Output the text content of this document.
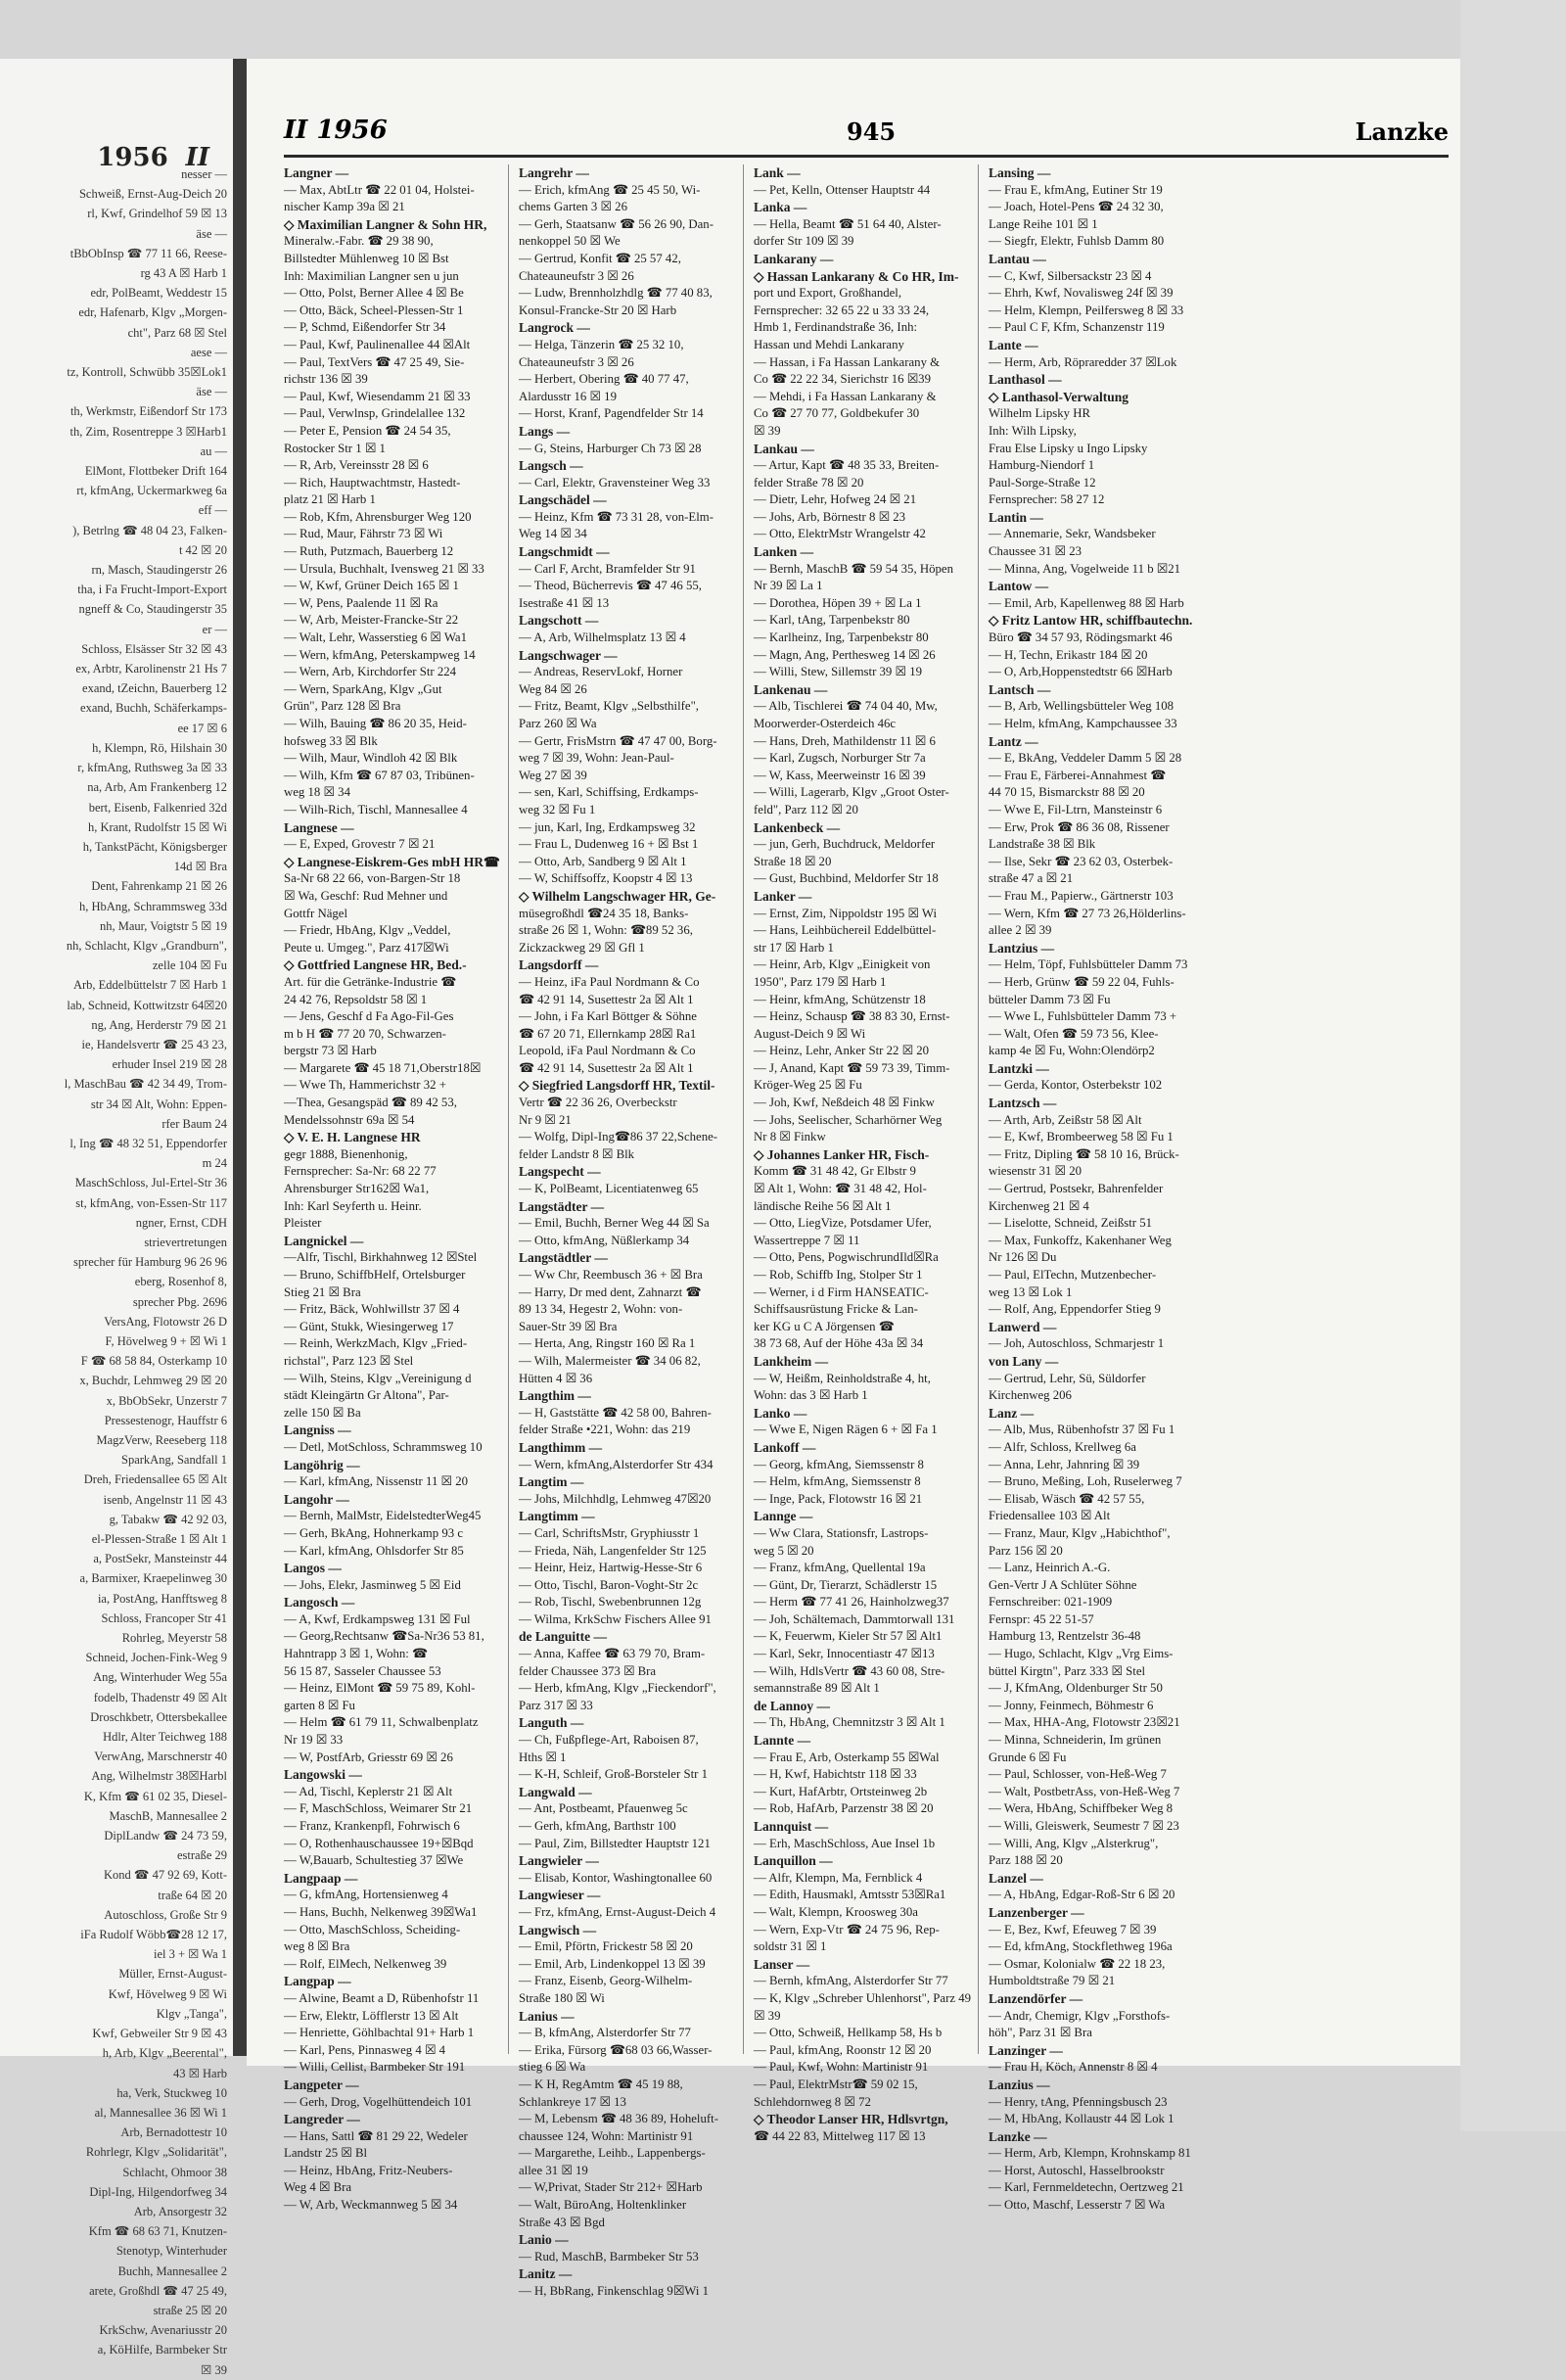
1956 II
nesser —
Schweiß, Ernst-Aug-Deich 20
rl, Kwf, Grindelhof 59 ☒ 13
äse —
tBbObInsp ☎ 77 11 66, Reese-
rg 43 A ☒ Harb 1
edr, PolBeamt, Weddestr 15
edr, Hafenarb, Klgv „Morgen-
cht", Parz 68 ☒ Stel
aese —
tz, Kontroll, Schwübb 35☒Lok1
äse —
th, Werkmstr, Eißendorf Str 173
th, Zim, Rosentreppe 3 ☒Harb1
au —
ElMont, Flottbeker Drift 164
rt, kfmAng, Uckermarkweg 6a
eff —
), Betrlng ☎ 48 04 23, Falken-
t 42 ☒ 20
rn, Masch, Staudingerstr 26
tha, i Fa Frucht-Import-Export
ngneff & Co, Staudingerstr 35
er —
Schloss, Elsässer Str 32 ☒ 43
ex, Arbtr, Karolinenstr 21 Hs 7
exand, tZeichn, Bauerberg 12
exand, Buchh, Schäferkamps-
ee 17 ☒ 6
h, Klempn, Rö, Hilshain 30
r, kfmAng, Ruthsweg 3a ☒ 33
na, Arb, Am Frankenberg 12
bert, Eisenb, Falkenried 32d
h, Krant, Rudolfstr 15 ☒ Wi
h, TankstPächt, Königsberger
14d ☒ Bra
Dent, Fahrenkamp 21 ☒ 26
h, HbAng, Schrammsweg 33d
nh, Maur, Voigtstr 5 ☒ 19
nh, Schlacht, Klgv „Grandburn",
zelle 104 ☒ Fu
Arb, Eddelbüttelstr 7 ☒ Harb 1
lab, Schneid, Kottwitzstr 64☒20
ng, Ang, Herderstr 79 ☒ 21
ie, Handelsvertr ☎ 25 43 23,
erhuder Insel 219 ☒ 28
l, MaschBau ☎ 42 34 49, Trom-
str 34 ☒ Alt, Wohn: Eppen-
rfer Baum 24
l, Ing ☎ 48 32 51, Eppendorfer
m 24
MaschSchloss, Jul-Ertel-Str 36
st, kfmAng, von-Essen-Str 117
ngner, Ernst, CDH
strievertretungen
sprecher für Hamburg 96 26 96
eberg, Rosenhof 8,
sprecher Pbg. 2696
VersAng, Flotowstr 26 D
F, Hövelweg 9 + ☒ Wi 1
F ☎ 68 58 84, Osterkamp 10
x, Buchdr, Lehmweg 29 ☒ 20
x, BbObSekr, Unzerstr 7
Pressestenogr, Hauffstr 6
MagzVerw, Reeseberg 118
SparkAng, Sandfall 1
Dreh, Friedensallee 65 ☒ Alt
isenb, Angelnstr 11 ☒ 43
g, Tabakw ☎ 42 92 03,
el-Plessen-Straße 1 ☒ Alt 1
a, PostSekr, Mansteinstr 44
a, Barmixer, Kraepelinweg 30
ia, PostAng, Hanfftsweg 8
Schloss, Francoper Str 41
Rohrleg, Meyerstr 58
Schneid, Jochen-Fink-Weg 9
Ang, Winterhuder Weg 55a
fodelb, Thadenstr 49 ☒ Alt
Droschkbetr, Ottersbekallee
Hdlr, Alter Teichweg 188
VerwAng, Marschnerstr 40
Ang, Wilhelmstr 38☒Harbl
K, Kfm ☎ 61 02 35, Diesel-
MaschB, Mannesallee 2
DiplLandw ☎ 24 73 59,
estraße 29
Kond ☎ 47 92 69, Kott-
traße 64 ☒ 20
Autoschloss, Große Str 9
iFa Rudolf Wöbb☎28 12 17,
iel 3 + ☒ Wa 1
Müller, Ernst-August-
Kwf, Hövelweg 9 ☒ Wi
Klgv „Tanga",
Kwf, Gebweiler Str 9 ☒ 43
h, Arb, Klgv „Beerental",
43 ☒ Harb
ha, Verk, Stuckweg 10
al, Mannesallee 36 ☒ Wi 1
Arb, Bernadottestr 10
Rohrlegr, Klgv „Solidarität",
Schlacht, Ohmoor 38
Dipl-Ing, Hilgendorfweg 34
Arb, Ansorgestr 32
Kfm ☎ 68 63 71, Knutzen-
Stenotyp, Winterhuder
Buchh, Mannesallee 2
arete, Großhdl ☎ 47 25 49,
straße 25 ☒ 20
KrkSchw, Avenariusstr 20
a, KöHilfe, Barmbeker Str
☒ 39
II 1956	945	Lanzke
Langner —
— Max, AbtLtr ☎ 22 01 04, Holstei-
nischer Kamp 39a ☒ 21
◇ Maximilian Langner & Sohn HR,
Mineralw.-Fabr. ☎ 29 38 90,
Billstedter Mühlenweg 10 ☒ Bst
Inh: Maximilian Langner sen u jun
— Otto, Polst, Berner Allee 4 ☒ Be
— Otto, Bäck, Scheel-Plessen-Str 1
— P, Schmd, Eißendorfer Str 34
— Paul, Kwf, Paulinenallee 44 ☒Alt
— Paul, TextVers ☎ 47 25 49, Sie-
richstr 136 ☒ 39
— Paul, Kwf, Wiesendamm 21 ☒ 33
— Paul, Verwlnsp, Grindelallee 132
— Peter E, Pension ☎ 24 54 35,
Rostocker Str 1 ☒ 1
— R, Arb, Vereinsstr 28 ☒ 6
— Rich, Hauptwachtmstr, Hastedt-
platz 21 ☒ Harb 1
— Rob, Kfm, Ahrensburger Weg 120
— Rud, Maur, Fährstr 73 ☒ Wi
— Ruth, Putzmach, Bauerberg 12
— Ursula, Buchhalt, Ivensweg 21 ☒ 33
— W, Kwf, Grüner Deich 165 ☒ 1
— W, Pens, Paalende 11 ☒ Ra
— W, Arb, Meister-Francke-Str 22
— Walt, Lehr, Wasserstieg 6 ☒ Wa1
— Wern, kfmAng, Peterskampweg 14
— Wern, Arb, Kirchdorfer Str 224
— Wern, SparkAng, Klgv „Gut
Grün", Parz 128 ☒ Bra
— Wilh, Bauing ☎ 86 20 35, Heid-
hofsweg 33 ☒ Blk
— Wilh, Maur, Windloh 42 ☒ Blk
— Wilh, Kfm ☎ 67 87 03, Tribünen-
weg 18 ☒ 34
— Wilh-Rich, Tischl, Mannesallee 4
Langnese —
— E, Exped, Grovestr 7 ☒ 21
◇ Langnese-Eiskrem-Ges mbH HR☎
Sa-Nr 68 22 66, von-Bargen-Str 18
☒ Wa, Geschf: Rud Mehner und
Gottfr Nägel
— Friedr, HbAng, Klgv „Veddel,
Peute u. Umgeg.", Parz 417☒Wi
◇ Gottfried Langnese HR, Bed.-
Art. für die Getränke-Industrie ☎
24 42 76, Repsoldstr 58 ☒ 1
— Jens, Geschf d Fa Ago-Fil-Ges
m b H ☎ 77 20 70, Schwarzen-
bergstr 73 ☒ Harb
— Margarete ☎ 45 18 71,Oberstr18☒
— Wwe Th, Hammerichstr 32 +
—Thea, Gesangspäd ☎ 89 42 53,
Mendelssohnstr 69a ☒ 54
◇ V. E. H. Langnese HR
gegr 1888, Bienenhonig,
Fernsprecher: Sa-Nr: 68 22 77
Ahrensburger Str162☒ Wa1,
Inh: Karl Seyferth u. Heinr.
Pleister
Langnickel —
—Alfr, Tischl, Birkhahnweg 12 ☒Stel
— Bruno, SchiffbHelf, Ortelsburger
Stieg 21 ☒ Bra
— Fritz, Bäck, Wohlwillstr 37 ☒ 4
— Günt, Stukk, Wiesingerweg 17
— Reinh, WerkzMach, Klgv „Fried-
richstal", Parz 123 ☒ Stel
— Wilh, Steins, Klgv „Vereinigung d
städt Kleingärtn Gr Altona", Par-
zelle 150 ☒ Ba
Langniss —
— Detl, MotSchloss, Schrammsweg 10
Langöhrig —
— Karl, kfmAng, Nissenstr 11 ☒ 20
Langohr —
— Bernh, MalMstr, EidelstedterWeg45
— Gerh, BkAng, Hohnerkamp 93 c
— Karl, kfmAng, Ohlsdorfer Str 85
Langos —
— Johs, Elekr, Jasminweg 5 ☒ Eid
Langosch —
— A, Kwf, Erdkampsweg 131 ☒ Ful
— Georg,Rechtsanw ☎Sa-Nr36 53 81,
Hahntrapp 3 ☒ 1, Wohn: ☎
56 15 87, Sasseler Chaussee 53
— Heinz, ElMont ☎ 59 75 89, Kohl-
garten 8 ☒ Fu
— Helm ☎ 61 79 11, Schwalbenplatz
Nr 19 ☒ 33
— W, PostfArb, Griesstr 69 ☒ 26
Langowski —
— Ad, Tischl, Keplerstr 21 ☒ Alt
— F, MaschSchloss, Weimarer Str 21
— Franz, Krankenpfl, Fohrwisch 6
— O, Rothenhauschaussee 19+☒Bqd
— W,Bauarb, Schultestieg 37 ☒We
Langpaap —
— G, kfmAng, Hortensienweg 4
— Hans, Buchh, Nelkenweg 39☒Wa1
— Otto, MaschSchloss, Scheiding-
weg 8 ☒ Bra
— Rolf, ElMech, Nelkenweg 39
Langpap —
— Alwine, Beamt a D, Rübenhofstr 11
— Erw, Elektr, Löfflerstr 13 ☒ Alt
— Henriette, Göhlbachtal 91+ Harb 1
— Karl, Pens, Pinnasweg 4 ☒ 4
— Willi, Cellist, Barmbeker Str 191
Langpeter —
— Gerh, Drog, Vogelhüttendeich 101
Langreder —
— Hans, Sattl ☎ 81 29 22, Wedeler
Landstr 25 ☒ Bl
— Heinz, HbAng, Fritz-Neubers-
Weg 4 ☒ Bra
— W, Arb, Weckmannweg 5 ☒ 34
Langrehr —
— Erich, kfmAng ☎ 25 45 50, Wi-
chems Garten 3 ☒ 26
— Gerh, Staatsanw ☎ 56 26 90, Dan-
nenkoppel 50 ☒ We
— Gertrud, Konfit ☎ 25 57 42,
Chateauneufstr 3 ☒ 26
— Ludw, Brennholzhdlg ☎ 77 40 83,
Konsul-Francke-Str 20 ☒ Harb
Langrock —
— Helga, Tänzerin ☎ 25 32 10,
Chateauneufstr 3 ☒ 26
— Herbert, Obering ☎ 40 77 47,
Alardusstr 16 ☒ 19
— Horst, Kranf, Pagendfelder Str 14
Langs —
— G, Steins, Harburger Ch 73 ☒ 28
Langsch —
— Carl, Elektr, Gravensteiner Weg 33
Langschädel —
— Heinz, Kfm ☎ 73 31 28, von-Elm-
Weg 14 ☒ 34
Langschmidt —
— Carl F, Archt, Bramfelder Str 91
— Theod, Bücherrevis ☎ 47 46 55,
Isestraße 41 ☒ 13
Langschott —
— A, Arb, Wilhelmsplatz 13 ☒ 4
Langschwager —
— Andreas, ReservLokf, Horner
Weg 84 ☒ 26
— Fritz, Beamt, Klgv „Selbsthilfe",
Parz 260 ☒ Wa
— Gertr, FrisMstrn ☎ 47 47 00, Borg-
weg 7 ☒ 39, Wohn: Jean-Paul-
Weg 27 ☒ 39
— sen, Karl, Schiffsing, Erdkamps-
weg 32 ☒ Fu 1
— jun, Karl, Ing, Erdkampsweg 32
— Frau L, Dudenweg 16 + ☒ Bst 1
— Otto, Arb, Sandberg 9 ☒ Alt 1
— W, Schiffsoffz, Koopstr 4 ☒ 13
◇ Wilhelm Langschwager HR, Ge-
müsegroßhdl ☎24 35 18, Banks-
straße 26 ☒ 1, Wohn: ☎89 52 36,
Zickzackweg 29 ☒ Gfl 1
Langsdorff —
— Heinz, iFa Paul Nordmann & Co
☎ 42 91 14, Susettestr 2a ☒ Alt 1
— John, i Fa Karl Böttger & Söhne
☎ 67 20 71, Ellernkamp 28☒ Ra1
Leopold, iFa Paul Nordmann & Co
☎ 42 91 14, Susettestr 2a ☒ Alt 1
◇ Siegfried Langsdorff HR, Textil-
Vertr ☎ 22 36 26, Overbeckstr
Nr 9 ☒ 21
— Wolfg, Dipl-Ing☎86 37 22,Schene-
felder Landstr 8 ☒ Blk
Langspecht —
— K, PolBeamt, Licentiatenweg 65
Langstädter —
— Emil, Buchh, Berner Weg 44 ☒ Sa
— Otto, kfmAng, Nüßlerkamp 34
Langstädtler —
— Ww Chr, Reembusch 36 + ☒ Bra
— Harry, Dr med dent, Zahnarzt ☎
89 13 34, Hegestr 2, Wohn: von-
Sauer-Str 39 ☒ Bra
— Herta, Ang, Ringstr 160 ☒ Ra 1
— Wilh, Malermeister ☎ 34 06 82,
Hütten 4 ☒ 36
Langthim —
— H, Gaststätte ☎ 42 58 00, Bahren-
felder Straße •221, Wohn: das 219
Langthimm —
— Wern, kfmAng,Alsterdorfer Str 434
Langtim —
— Johs, Milchhdlg, Lehmweg 47☒20
Langtimm —
— Carl, SchriftsMstr, Gryphiusstr 1
— Frieda, Näh, Langenfelder Str 125
— Heinr, Heiz, Hartwig-Hesse-Str 6
— Otto, Tischl, Baron-Voght-Str 2c
— Rob, Tischl, Swebenbrunnen 12g
— Wilma, KrkSchw Fischers Allee 91
de Languitte —
— Anna, Kaffee ☎ 63 79 70, Bram-
felder Chaussee 373 ☒ Bra
— Herb, kfmAng, Klgv „Fieckendorf",
Parz 317 ☒ 33
Languth —
— Ch, Fußpflege-Art, Raboisen 87,
Hths ☒ 1
— K-H, Schleif, Groß-Borsteler Str 1
Langwald —
— Ant, Postbeamt, Pfauenweg 5c
— Gerh, kfmAng, Barthstr 100
— Paul, Zim, Billstedter Hauptstr 121
Langwieler —
— Elisab, Kontor, Washingtonallee 60
Langwieser —
— Frz, kfmAng, Ernst-August-Deich 4
Langwisch —
— Emil, Pförtn, Frickestr 58 ☒ 20
— Emil, Arb, Lindenkoppel 13 ☒ 39
— Franz, Eisenb, Georg-Wilhelm-
Straße 180 ☒ Wi
Lanius —
— B, kfmAng, Alsterdorfer Str 77
— Erika, Fürsorg ☎68 03 66,Wasser-
stieg 6 ☒ Wa
— K H, RegAmtm ☎ 45 19 88,
Schlankreye 17 ☒ 13
— M, Lebensm ☎ 48 36 89, Hoheluft-
chaussee 124, Wohn: Martinistr 91
— Margarethe, Leihb., Lappenbergs-
allee 31 ☒ 19
— W,Privat, Stader Str 212+ ☒Harb
— Walt, BüroAng, Holtenklinker
Straße 43 ☒ Bgd
Lanio —
— Rud, MaschB, Barmbeker Str 53
Lanitz —
— H, BbRang, Finkenschlag 9☒Wi 1
Lank —
— Pet, Kelln, Ottenser Hauptstr 44
Lanka —
— Hella, Beamt ☎ 51 64 40, Alster-
dorfer Str 109 ☒ 39
Lankarany —
◇ Hassan Lankarany & Co HR, Im-
port und Export, Großhandel,
Fernsprecher: 32 65 22 u 33 33 24,
Hmb 1, Ferdinandstraße 36, Inh:
Hassan und Mehdi Lankarany
— Hassan, i Fa Hassan Lankarany &
Co ☎ 22 22 34, Sierichstr 16 ☒39
— Mehdi, i Fa Hassan Lankarany &
Co ☎ 27 70 77, Goldbekufer 30
☒ 39
Lankau —
— Artur, Kapt ☎ 48 35 33, Breiten-
felder Straße 78 ☒ 20
— Dietr, Lehr, Hofweg 24 ☒ 21
— Johs, Arb, Börnestr 8 ☒ 23
— Otto, ElektrMstr Wrangelstr 42
Lanken —
— Bernh, MaschB ☎ 59 54 35, Höpen
Nr 39 ☒ La 1
— Dorothea, Höpen 39 + ☒ La 1
— Karl, tAng, Tarpenbekstr 80
— Karlheinz, Ing, Tarpenbekstr 80
— Magn, Ang, Perthesweg 14 ☒ 26
— Willi, Stew, Sillemstr 39 ☒ 19
Lankenau —
— Alb, Tischlerei ☎ 74 04 40, Mw,
Moorwerder-Osterdeich 46c
— Hans, Dreh, Mathildenstr 11 ☒ 6
— Karl, Zugsch, Norburger Str 7a
— W, Kass, Meerweinstr 16 ☒ 39
— Willi, Lagerarb, Klgv „Groot Oster-
feld", Parz 112 ☒ 20
Lankenbeck —
— jun, Gerh, Buchdruck, Meldorfer
Straße 18 ☒ 20
— Gust, Buchbind, Meldorfer Str 18
Lanker —
— Ernst, Zim, Nippoldstr 195 ☒ Wi
— Hans, Leihbüchereil Eddelbüttel-
str 17 ☒ Harb 1
— Heinr, Arb, Klgv „Einigkeit von
1950", Parz 179 ☒ Harb 1
— Heinr, kfmAng, Schützenstr 18
— Heinz, Schausp ☎ 38 83 30, Ernst-
August-Deich 9 ☒ Wi
— Heinz, Lehr, Anker Str 22 ☒ 20
— J, Anand, Kapt ☎ 59 73 39, Timm-
Kröger-Weg 25 ☒ Fu
— Joh, Kwf, Neßdeich 48 ☒ Finkw
— Johs, Seelischer, Scharhörner Weg
Nr 8 ☒ Finkw
◇ Johannes Lanker HR, Fisch-
Komm ☎ 31 48 42, Gr Elbstr 9
☒ Alt 1, Wohn: ☎ 31 48 42, Hol-
ländische Reihe 56 ☒ Alt 1
— Otto, LiegVize, Potsdamer Ufer,
Wassertreppe 7 ☒ 11
— Otto, Pens, PogwischrundIld☒Ra
— Rob, Schiffb Ing, Stolper Str 1
— Werner, i d Firm HANSEATIC-
Schiffsausrüstung Fricke & Lan-
ker KG u C A Jörgensen ☎
38 73 68, Auf der Höhe 43a ☒ 34
Lankheim —
— W, Heißm, Reinholdstraße 4, ht,
Wohn: das 3 ☒ Harb 1
Lanko —
— Wwe E, Nigen Rägen 6 + ☒ Fa 1
Lankoff —
— Georg, kfmAng, Siemssenstr 8
— Helm, kfmAng, Siemssenstr 8
— Inge, Pack, Flotowstr 16 ☒ 21
Lannge —
— Ww Clara, Stationsfr, Lastrops-
weg 5 ☒ 20
— Franz, kfmAng, Quellental 19a
— Günt, Dr, Tierarzt, Schädlerstr 15
— Herm ☎ 77 41 26, Hainholzweg37
— Joh, Schältemach, Dammtorwall 131
— K, Feuerwm, Kieler Str 57 ☒ Alt1
— Karl, Sekr, Innocentiastr 47 ☒13
— Wilh, HdlsVertr ☎ 43 60 08, Stre-
semannstraße 89 ☒ Alt 1
de Lannoy —
— Th, HbAng, Chemnitzstr 3 ☒ Alt 1
Lannte —
— Frau E, Arb, Osterkamp 55 ☒Wal
— H, Kwf, Habichtstr 118 ☒ 33
— Kurt, HafArbtr, Ortsteinweg 2b
— Rob, HafArb, Parzenstr 38 ☒ 20
Lannquist —
— Erh, MaschSchloss, Aue Insel 1b
Lanquillon —
— Alfr, Klempn, Ma, Fernblick 4
— Edith, Hausmakl, Amtsstr 53☒Ra1
— Walt, Klempn, Kroosweg 30a
— Wern, Exp-Vtr ☎ 24 75 96, Rep-
soldstr 31 ☒ 1
Lanser —
— Bernh, kfmAng, Alsterdorfer Str 77
— K, Klgv „Schreber Uhlenhorst", Parz 49
☒ 39
— Otto, Schweiß, Hellkamp 58, Hs b
— Paul, kfmAng, Roonstr 12 ☒ 20
— Paul, Kwf, Wohn: Martinistr 91
— Paul, ElektrMstr☎ 59 02 15,
Schlehdornweg 8 ☒ 72
◇ Theodor Lanser HR, Hdlsvrtgn,
☎ 44 22 83, Mittelweg 117 ☒ 13
Lansing —
— Frau E, kfmAng, Eutiner Str 19
— Joach, Hotel-Pens ☎ 24 32 30,
Lange Reihe 101 ☒ 1
— Siegfr, Elektr, Fuhlsb Damm 80
Lantau —
— C, Kwf, Silbersackstr 23 ☒ 4
— Ehrh, Kwf, Novalisweg 24f ☒ 39
— Helm, Klempn, Peilfersweg 8 ☒ 33
— Paul C F, Kfm, Schanzenstr 119
Lante —
— Herm, Arb, Röpraredder 37 ☒Lok
Lanthasol —
◇ Lanthasol-Verwaltung
Wilhelm Lipsky HR
Inh: Wilh Lipsky,
Frau Else Lipsky u Ingo Lipsky
Hamburg-Niendorf 1
Paul-Sorge-Straße 12
Fernsprecher: 58 27 12
Lantin —
— Annemarie, Sekr, Wandsbeker
Chaussee 31 ☒ 23
— Minna, Ang, Vogelweide 11 b ☒21
Lantow —
— Emil, Arb, Kapellenweg 88 ☒ Harb
◇ Fritz Lantow HR, schiffbautechn.
Büro ☎ 34 57 93, Rödingsmarkt 46
— H, Techn, Erikastr 184 ☒ 20
— O, Arb,Hoppenstedtstr 66 ☒Harb
Lantsch —
— B, Arb, Wellingsbütteler Weg 108
— Helm, kfmAng, Kampchaussee 33
Lantz —
— E, BkAng, Veddeler Damm 5 ☒ 28
— Frau E, Färberei-Annahmest ☎
44 70 15, Bismarckstr 88 ☒ 20
— Wwe E, Fil-Ltrn, Mansteinstr 6
— Erw, Prok ☎ 86 36 08, Rissener
Landstraße 38 ☒ Blk
— Ilse, Sekr ☎ 23 62 03, Osterbek-
straße 47 a ☒ 21
— Frau M., Papierw., Gärtnerstr 103
— Wern, Kfm ☎ 27 73 26,Hölderlins-
allee 2 ☒ 39
Lantzius —
— Helm, Töpf, Fuhlsbütteler Damm 73
— Herb, Grünw ☎ 59 22 04, Fuhls-
bütteler Damm 73 ☒ Fu
— Wwe L, Fuhlsbütteler Damm 73 +
— Walt, Ofen ☎ 59 73 56, Klee-
kamp 4e ☒ Fu, Wohn:Olendörp2
Lantzki —
— Gerda, Kontor, Osterbekstr 102
Lantzsch —
— Arth, Arb, Zeißstr 58 ☒ Alt
— E, Kwf, Brombeerweg 58 ☒ Fu 1
— Fritz, Dipling ☎ 58 10 16, Brück-
wiesenstr 31 ☒ 20
— Gertrud, Postsekr, Bahrenfelder
Kirchenweg 21 ☒ 4
— Liselotte, Schneid, Zeißstr 51
— Max, Funkoffz, Kakenhaner Weg
Nr 126 ☒ Du
— Paul, ElTechn, Mutzenbecher-
weg 13 ☒ Lok 1
— Rolf, Ang, Eppendorfer Stieg 9
Lanwerd —
— Joh, Autoschloss, Schmarjestr 1
von Lany —
— Gertrud, Lehr, Sü, Süldorfer
Kirchenweg 206
Lanz —
— Alb, Mus, Rübenhofstr 37 ☒ Fu 1
— Alfr, Schloss, Krellweg 6a
— Anna, Lehr, Jahnring ☒ 39
— Bruno, Meßing, Loh, Ruselerweg 7
— Elisab, Wäsch ☎ 42 57 55,
Friedensallee 103 ☒ Alt
— Franz, Maur, Klgv „Habichthof",
Parz 156 ☒ 20
— Lanz, Heinrich A.-G.
Gen-Vertr J A Schlüter Söhne
Fernschreiber: 021-1909
Fernspr: 45 22 51-57
Hamburg 13, Rentzelstr 36-48
— Hugo, Schlacht, Klgv „Vrg Eims-
büttel Kirgtn", Parz 333 ☒ Stel
— J, KfmAng, Oldenburger Str 50
— Jonny, Feinmech, Böhmestr 6
— Max, HHA-Ang, Flotowstr 23☒21
— Minna, Schneiderin, Im grünen
Grunde 6 ☒ Fu
— Paul, Schlosser, von-Heß-Weg 7
— Walt, PostbetrAss, von-Heß-Weg 7
— Wera, HbAng, Schiffbeker Weg 8
— Willi, Gleiswerk, Seumestr 7 ☒ 23
— Willi, Ang, Klgv „Alsterkrug",
Parz 188 ☒ 20
Lanzel —
— A, HbAng, Edgar-Roß-Str 6 ☒ 20
Lanzenberger —
— E, Bez, Kwf, Efeuweg 7 ☒ 39
— Ed, kfmAng, Stockflethweg 196a
— Osmar, Kolonialw ☎ 22 18 23,
Humboldtstraße 79 ☒ 21
Lanzendörfer —
— Andr, Chemigr, Klgv „Forsthofs-
höh", Parz 31 ☒ Bra
Lanzinger —
— Frau H, Köch, Annenstr 8 ☒ 4
Lanzius —
— Henry, tAng, Pfenningsbusch 23
— M, HbAng, Kollaustr 44 ☒ Lok 1
Lanzke —
— Herm, Arb, Klempn, Krohnskamp 81
— Horst, Autoschl, Hasselbrookstr
— Karl, Fernmeldetechn, Oertzweg 21
— Otto, Maschf, Lesserstr 7 ☒ Wa
